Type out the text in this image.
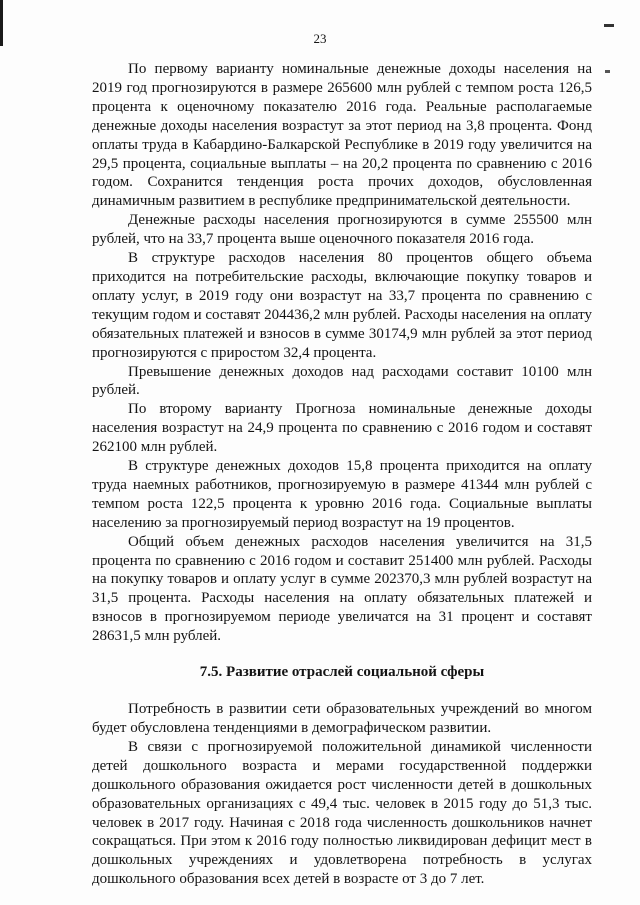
23

По первому варианту номинальные денежные доходы населения на 2019 год прогнозируются в размере 265600 млн рублей с темпом роста 126,5 процента к оценочному показателю 2016 года. Реальные располагаемые денежные доходы населения возрастут за этот период на 3,8 процента. Фонд оплаты труда в Кабардино-Балкарской Республике в 2019 году увеличится на 29,5 процента, социальные выплаты – на 20,2 процента по сравнению с 2016 годом. Сохранится тенденция роста прочих доходов, обусловленная динамичным развитием в республике предпринимательской деятельности.

Денежные расходы населения прогнозируются в сумме 255500 млн рублей, что на 33,7 процента выше оценочного показателя 2016 года.

В структуре расходов населения 80 процентов общего объема приходится на потребительские расходы, включающие покупку товаров и оплату услуг, в 2019 году они возрастут на 33,7 процента по сравнению с текущим годом и составят 204436,2 млн рублей. Расходы населения на оплату обязательных платежей и взносов в сумме 30174,9 млн рублей за этот период прогнозируются с приростом 32,4 процента.

Превышение денежных доходов над расходами составит 10100 млн рублей.

По второму варианту Прогноза номинальные денежные доходы населения возрастут на 24,9 процента по сравнению с 2016 годом и составят 262100 млн рублей.

В структуре денежных доходов 15,8 процента приходится на оплату труда наемных работников, прогнозируемую в размере 41344 млн рублей с темпом роста 122,5 процента к уровню 2016 года. Социальные выплаты населению за прогнозируемый период возрастут на 19 процентов.

Общий объем денежных расходов населения увеличится на 31,5 процента по сравнению с 2016 годом и составит 251400 млн рублей. Расходы на покупку товаров и оплату услуг в сумме 202370,3 млн рублей возрастут на 31,5 процента. Расходы населения на оплату обязательных платежей и взносов в прогнозируемом периоде увеличатся на 31 процент и составят 28631,5 млн рублей.

7.5. Развитие отраслей социальной сферы

Потребность в развитии сети образовательных учреждений во многом будет обусловлена тенденциями в демографическом развитии.

В связи с прогнозируемой положительной динамикой численности детей дошкольного возраста и мерами государственной поддержки дошкольного образования ожидается рост численности детей в дошкольных образовательных организациях с 49,4 тыс. человек в 2015 году до 51,3 тыс. человек в 2017 году. Начиная с 2018 года численность дошкольников начнет сокращаться. При этом к 2016 году полностью ликвидирован дефицит мест в дошкольных учреждениях и удовлетворена потребность в услугах дошкольного образования всех детей в возрасте от 3 до 7 лет.
